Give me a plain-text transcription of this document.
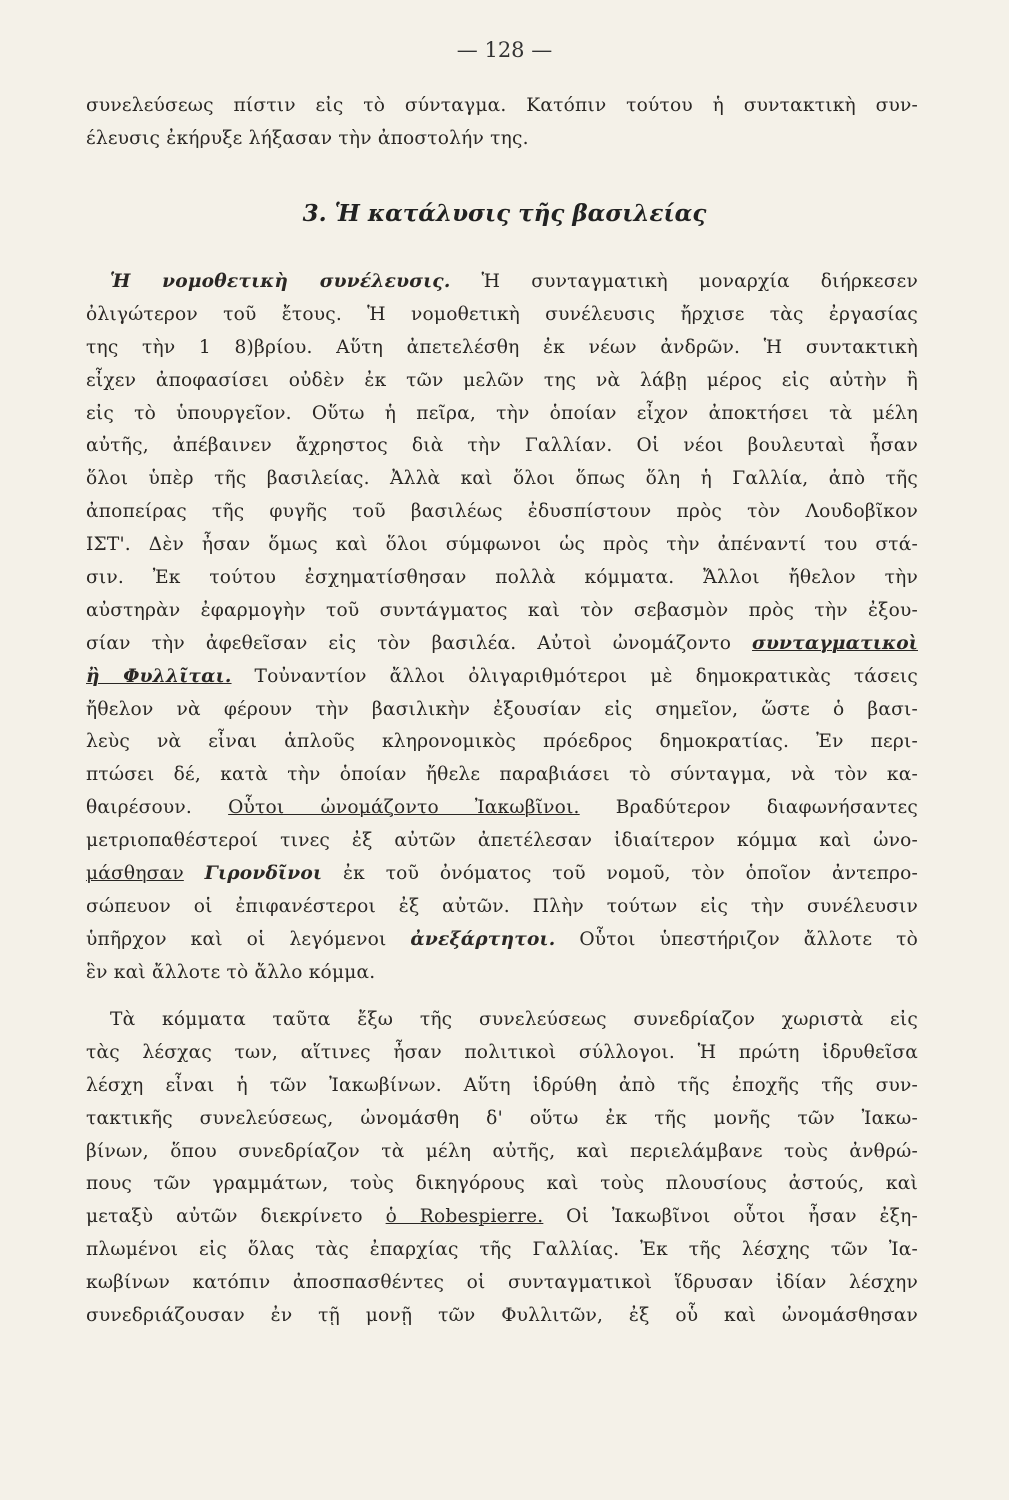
— 128 —
συνελεύσεως πίστιν εἰς τὸ σύνταγμα. Κατόπιν τούτου ἡ συντακτικὴ συν-
έλευσις ἐκήρυξε λήξασαν τὴν ἀποστολήν της.
3. Ἡ κατάλυσις τῆς βασιλείας
Ἡ νομοθετικὴ συνέλευσις. Ἡ συνταγματικὴ μοναρχία διήρκεσεν
ὀλιγώτερον τοῦ ἔτους. Ἡ νομοθετικὴ συνέλευσις ἤρχισε τὰς ἐργασίας
της τὴν 1 8)βρίου. Αὕτη ἀπετελέσθη ἐκ νέων ἀνδρῶν. Ἡ συντακτικὴ
εἶχεν ἀποφασίσει οὐδὲν ἐκ τῶν μελῶν της νὰ λάβῃ μέρος εἰς αὐτὴν ἢ
εἰς τὸ ὑπουργεῖον. Οὕτω ἡ πεῖρα, τὴν ὁποίαν εἶχον ἀποκτήσει τὰ μέλη
αὐτῆς, ἀπέβαινεν ἄχρηστος διὰ τὴν Γαλλίαν. Οἱ νέοι βουλευταὶ ἦσαν
ὅλοι ὑπὲρ τῆς βασιλείας. Ἀλλὰ καὶ ὅλοι ὅπως ὅλη ἡ Γαλλία, ἀπὸ τῆς
ἀποπείρας τῆς φυγῆς τοῦ βασιλέως ἐδυσπίστουν πρὸς τὸν Λουδοβῖκον
ΙΣΤ'. Δὲν ἦσαν ὅμως καὶ ὅλοι σύμφωνοι ὡς πρὸς τὴν ἀπέναντί του στά-
σιν. Ἐκ τούτου ἐσχηματίσθησαν πολλὰ κόμματα. Ἄλλοι ἤθελον τὴν
αὐστηρὰν ἐφαρμογὴν τοῦ συντάγματος καὶ τὸν σεβασμὸν πρὸς τὴν ἐξου-
σίαν τὴν ἀφεθεῖσαν εἰς τὸν βασιλέα. Αὐτοὶ ὠνομάζοντο συνταγματικοὶ
ἢ Φυλλῖται. Τοὐναντίον ἄλλοι ὀλιγαριθμότεροι μὲ δημοκρατικὰς τάσεις
ἤθελον νὰ φέρουν τὴν βασιλικὴν ἐξουσίαν εἰς σημεῖον, ὥστε ὁ βασι-
λεὺς νὰ εἶναι ἁπλοῦς κληρονομικὸς πρόεδρος δημοκρατίας. Ἐν περι-
πτώσει δέ, κατὰ τὴν ὁποίαν ἤθελε παραβιάσει τὸ σύνταγμα, νὰ τὸν κα-
θαιρέσουν. Οὗτοι ὠνομάζοντο Ἰακωβῖνοι. Βραδύτερον διαφωνήσαντες
μετριοπαθέστεροί τινες ἐξ αὐτῶν ἀπετέλεσαν ἰδιαίτερον κόμμα καὶ ὠνο-
μάσθησαν Γιρονδῖνοι ἐκ τοῦ ὀνόματος τοῦ νομοῦ, τὸν ὁποῖον ἀντεπρο-
σώπευον οἱ ἐπιφανέστεροι ἐξ αὐτῶν. Πλὴν τούτων εἰς τὴν συνέλευσιν
ὑπῆρχον καὶ οἱ λεγόμενοι ἀνεξάρτητοι. Οὗτοι ὑπεστήριζον ἄλλοτε τὸ
ἓν καὶ ἄλλοτε τὸ ἄλλο κόμμα.
Τὰ κόμματα ταῦτα ἔξω τῆς συνελεύσεως συνεδρίαζον χωριστὰ εἰς
τὰς λέσχας των, αἵτινες ἦσαν πολιτικοὶ σύλλογοι. Ἡ πρώτη ἱδρυθεῖσα
λέσχη εἶναι ἡ τῶν Ἰακωβίνων. Αὕτη ἱδρύθη ἀπὸ τῆς ἐποχῆς τῆς συν-
τακτικῆς συνελεύσεως, ὠνομάσθη δ' οὕτω ἐκ τῆς μονῆς τῶν Ἰακω-
βίνων, ὅπου συνεδρίαζον τὰ μέλη αὐτῆς, καὶ περιελάμβανε τοὺς ἀνθρώ-
πους τῶν γραμμάτων, τοὺς δικηγόρους καὶ τοὺς πλουσίους ἀστούς, καὶ
μεταξὺ αὐτῶν διεκρίνετο ὁ Robespierre. Οἱ Ἰακωβῖνοι οὗτοι ἦσαν ἐξη-
πλωμένοι εἰς ὅλας τὰς ἐπαρχίας τῆς Γαλλίας. Ἐκ τῆς λέσχης τῶν Ἰα-
κωβίνων κατόπιν ἀποσπασθέντες οἱ συνταγματικοὶ ἵδρυσαν ἰδίαν λέσχην
συνεδριάζουσαν ἐν τῇ μονῇ τῶν Φυλλιτῶν, ἐξ οὗ καὶ ὠνομάσθησαν
